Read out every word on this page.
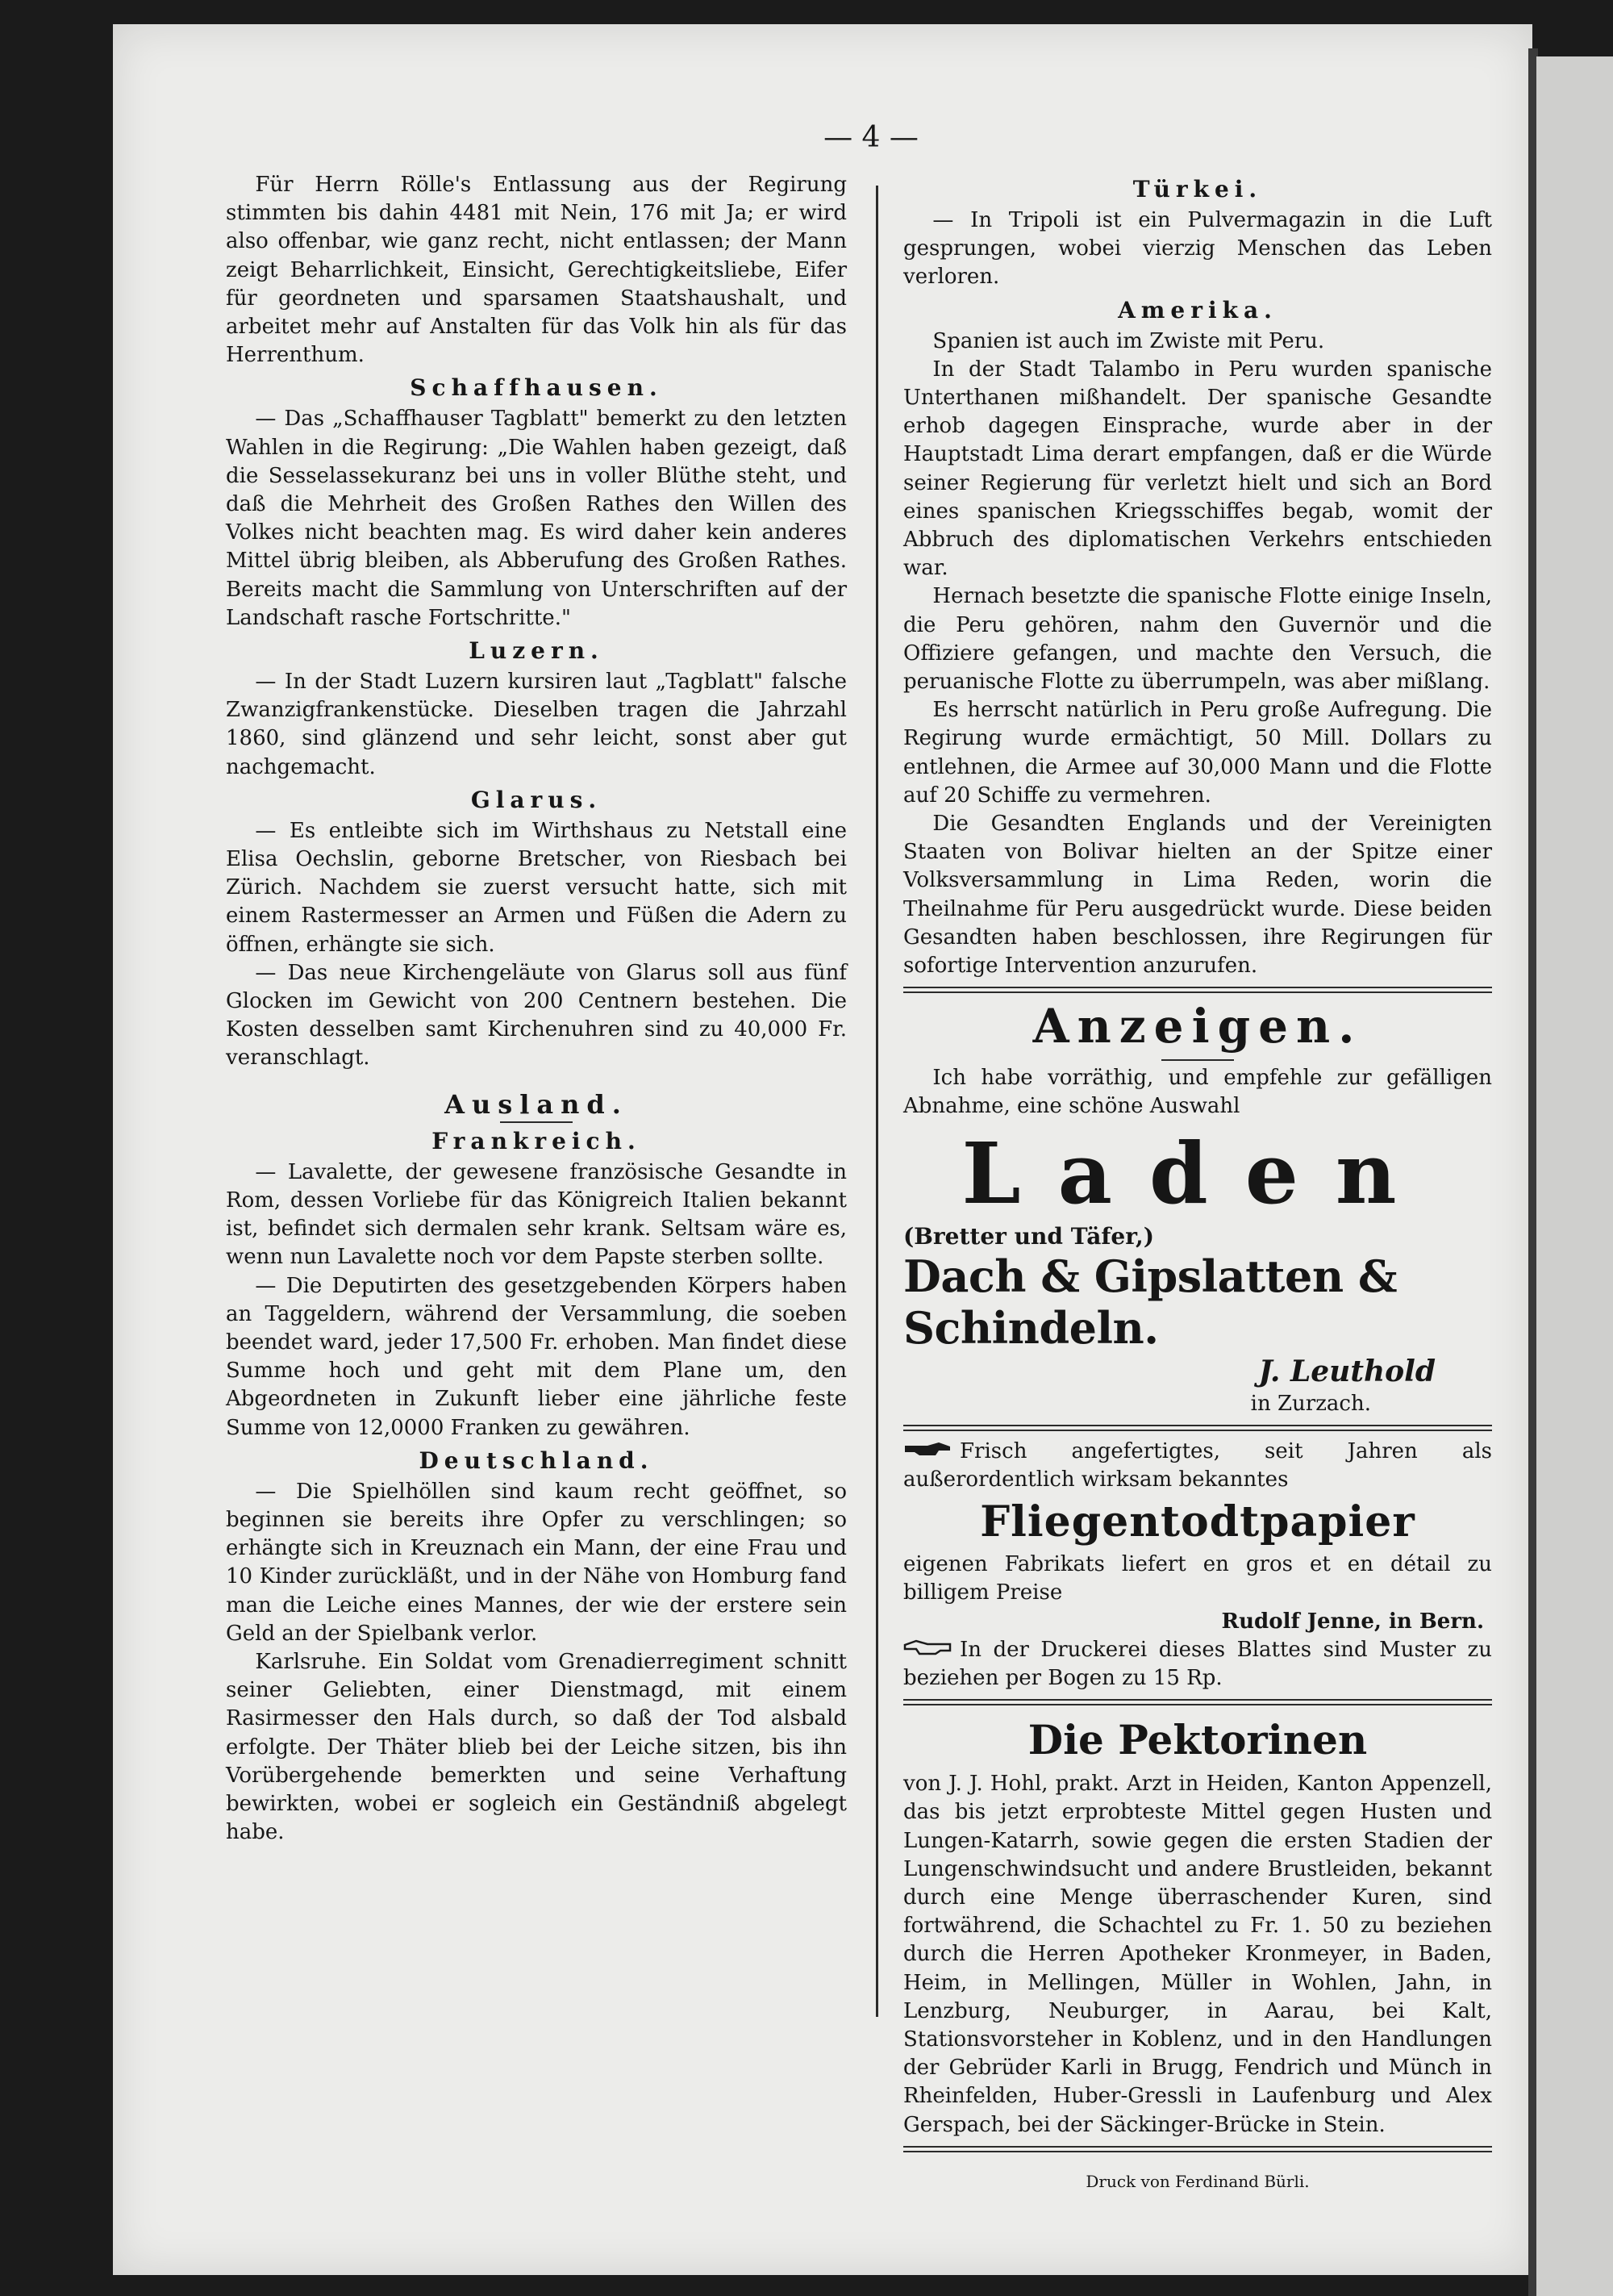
— 4 —

Für Herrn Rölle's Entlassung aus der Regirung stimmten bis dahin 4481 mit Nein, 176 mit Ja; er wird also offenbar, wie ganz recht, nicht entlassen; der Mann zeigt Beharrlichkeit, Einsicht, Gerechtigkeitsliebe, Eifer für geordneten und sparsamen Staatshaushalt, und arbeitet mehr auf Anstalten für das Volk hin als für das Herrenthum.

Schaffhausen.

— Das „Schaffhauser Tagblatt" bemerkt zu den letzten Wahlen in die Regirung: „Die Wahlen haben gezeigt, daß die Sesselassekuranz bei uns in voller Blüthe steht, und daß die Mehrheit des Großen Rathes den Willen des Volkes nicht beachten mag. Es wird daher kein anderes Mittel übrig bleiben, als Abberufung des Großen Rathes. Bereits macht die Sammlung von Unterschriften auf der Landschaft rasche Fortschritte."

Luzern.

— In der Stadt Luzern kursiren laut „Tagblatt" falsche Zwanzigfrankenstücke. Dieselben tragen die Jahrzahl 1860, sind glänzend und sehr leicht, sonst aber gut nachgemacht.

Glarus.

— Es entleibte sich im Wirthshaus zu Netstall eine Elisa Oechslin, geborne Bretscher, von Riesbach bei Zürich. Nachdem sie zuerst versucht hatte, sich mit einem Rastermesser an Armen und Füßen die Adern zu öffnen, erhängte sie sich.

— Das neue Kirchengeläute von Glarus soll aus fünf Glocken im Gewicht von 200 Centnern bestehen. Die Kosten desselben samt Kirchenuhren sind zu 40,000 Fr. veranschlagt.

Ausland.
Frankreich.

— Lavalette, der gewesene französische Gesandte in Rom, dessen Vorliebe für das Königreich Italien bekannt ist, befindet sich dermalen sehr krank. Seltsam wäre es, wenn nun Lavalette noch vor dem Papste sterben sollte.

— Die Deputirten des gesetzgebenden Körpers haben an Taggeldern, während der Versammlung, die soeben beendet ward, jeder 17,500 Fr. erhoben. Man findet diese Summe hoch und geht mit dem Plane um, den Abgeordneten in Zukunft lieber eine jährliche feste Summe von 12,0000 Franken zu gewähren.

Deutschland.

— Die Spielhöllen sind kaum recht geöffnet, so beginnen sie bereits ihre Opfer zu verschlingen; so erhängte sich in Kreuznach ein Mann, der eine Frau und 10 Kinder zurückläßt, und in der Nähe von Homburg fand man die Leiche eines Mannes, der wie der erstere sein Geld an der Spielbank verlor.

Karlsruhe. Ein Soldat vom Grenadierregiment schnitt seiner Geliebten, einer Dienstmagd, mit einem Rasirmesser den Hals durch, so daß der Tod alsbald erfolgte. Der Thäter blieb bei der Leiche sitzen, bis ihn Vorübergehende bemerkten und seine Verhaftung bewirkten, wobei er sogleich ein Geständniß abgelegt habe.

Türkei.

— In Tripoli ist ein Pulvermagazin in die Luft gesprungen, wobei vierzig Menschen das Leben verloren.

Amerika.

Spanien ist auch im Zwiste mit Peru.

In der Stadt Talambo in Peru wurden spanische Unterthanen mißhandelt. Der spanische Gesandte erhob dagegen Einsprache, wurde aber in der Hauptstadt Lima derart empfangen, daß er die Würde seiner Regierung für verletzt hielt und sich an Bord eines spanischen Kriegsschiffes begab, womit der Abbruch des diplomatischen Verkehrs entschieden war.

Hernach besetzte die spanische Flotte einige Inseln, die Peru gehören, nahm den Guvernör und die Offiziere gefangen, und machte den Versuch, die peruanische Flotte zu überrumpeln, was aber mißlang.

Es herrscht natürlich in Peru große Aufregung. Die Regirung wurde ermächtigt, 50 Mill. Dollars zu entlehnen, die Armee auf 30,000 Mann und die Flotte auf 20 Schiffe zu vermehren.

Die Gesandten Englands und der Vereinigten Staaten von Bolivar hielten an der Spitze einer Volksversammlung in Lima Reden, worin die Theilnahme für Peru ausgedrückt wurde. Diese beiden Gesandten haben beschlossen, ihre Regirungen für sofortige Intervention anzurufen.

Anzeigen.

Ich habe vorräthig, und empfehle zur gefälligen Abnahme, eine schöne Auswahl

Laden
(Bretter und Täfer,)
Dach & Gipslatten & Schindeln.
J. Leuthold
in Zurzach.

Frisch angefertigtes, seit Jahren als außerordentlich wirksam bekanntes

Fliegentodtpapier

eigenen Fabrikats liefert en gros et en détail zu billigem Preise

Rudolf Jenne, in Bern.

In der Druckerei dieses Blattes sind Muster zu beziehen per Bogen zu 15 Rp.

Die Pektorinen

von J. J. Hohl, prakt. Arzt in Heiden, Kanton Appenzell, das bis jetzt erprobteste Mittel gegen Husten und Lungen-Katarrh, sowie gegen die ersten Stadien der Lungenschwindsucht und andere Brustleiden, bekannt durch eine Menge überraschender Kuren, sind fortwährend, die Schachtel zu Fr. 1. 50 zu beziehen durch die Herren Apotheker Kronmeyer, in Baden, Heim, in Mellingen, Müller in Wohlen, Jahn, in Lenzburg, Neuburger, in Aarau, bei Kalt, Stationsvorsteher in Koblenz, und in den Handlungen der Gebrüder Karli in Brugg, Fendrich und Münch in Rheinfelden, Huber-Gressli in Laufenburg und Alex Gerspach, bei der Säckinger-Brücke in Stein.

Druck von Ferdinand Bürli.
